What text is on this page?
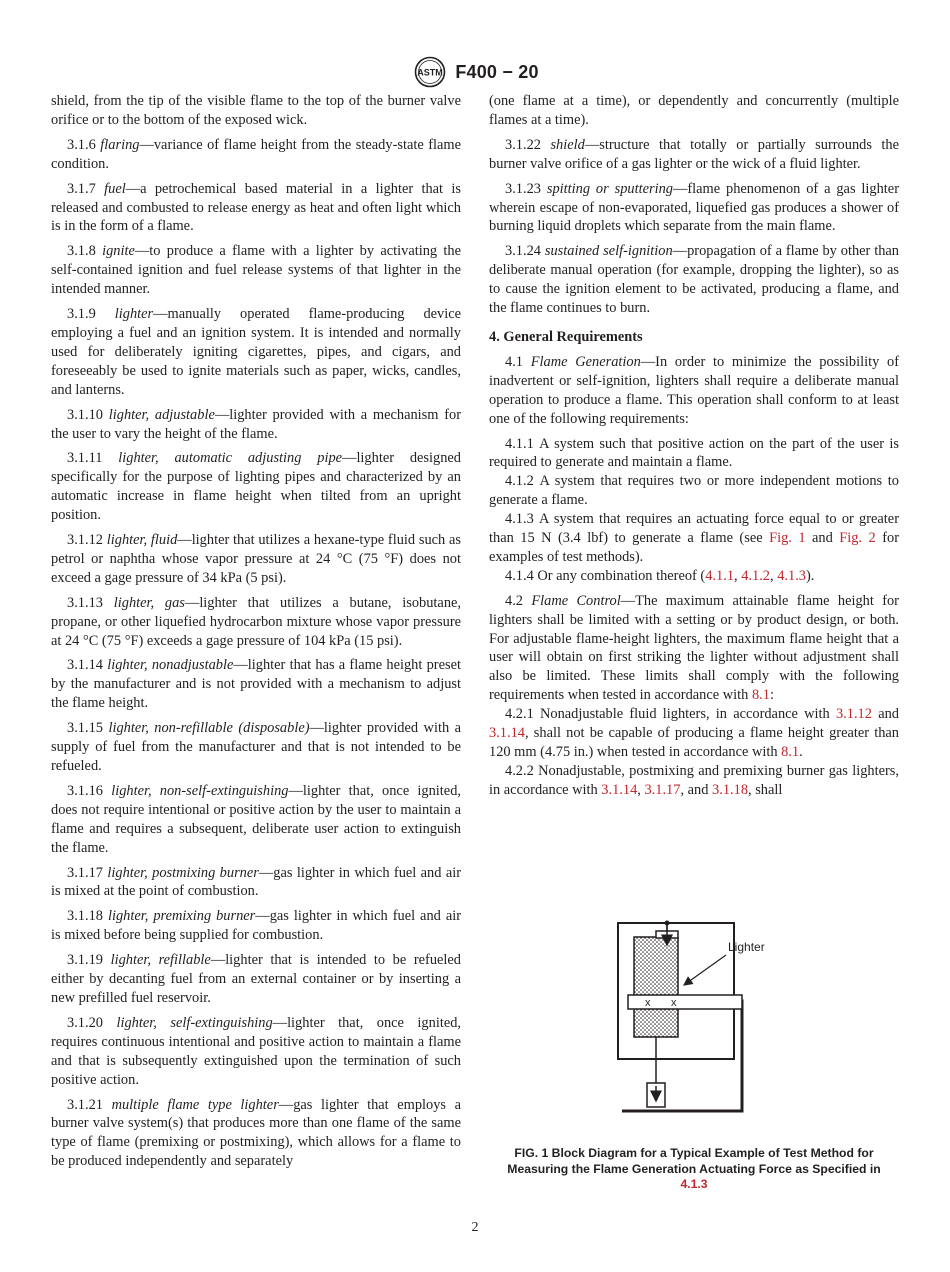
ASTM F400 − 20

shield, from the tip of the visible flame to the top of the burner valve orifice or to the bottom of the exposed wick.

3.1.6 flaring—variance of flame height from the steady-state flame condition.

3.1.7 fuel—a petrochemical based material in a lighter that is released and combusted to release energy as heat and often light which is in the form of a flame.

3.1.8 ignite—to produce a flame with a lighter by activating the self-contained ignition and fuel release systems of that lighter in the intended manner.

3.1.9 lighter—manually operated flame-producing device employing a fuel and an ignition system. It is intended and normally used for deliberately igniting cigarettes, pipes, and cigars, and foreseeably be used to ignite materials such as paper, wicks, candles, and lanterns.

3.1.10 lighter, adjustable—lighter provided with a mechanism for the user to vary the height of the flame.

3.1.11 lighter, automatic adjusting pipe—lighter designed specifically for the purpose of lighting pipes and characterized by an automatic increase in flame height when tilted from an upright position.

3.1.12 lighter, fluid—lighter that utilizes a hexane-type fluid such as petrol or naphtha whose vapor pressure at 24 °C (75 °F) does not exceed a gage pressure of 34 kPa (5 psi).

3.1.13 lighter, gas—lighter that utilizes a butane, isobutane, propane, or other liquefied hydrocarbon mixture whose vapor pressure at 24 °C (75 °F) exceeds a gage pressure of 104 kPa (15 psi).

3.1.14 lighter, nonadjustable—lighter that has a flame height preset by the manufacturer and is not provided with a mechanism to adjust the flame height.

3.1.15 lighter, non-refillable (disposable)—lighter provided with a supply of fuel from the manufacturer and that is not intended to be refueled.

3.1.16 lighter, non-self-extinguishing—lighter that, once ignited, does not require intentional or positive action by the user to maintain a flame and requires a subsequent, deliberate user action to extinguish the flame.

3.1.17 lighter, postmixing burner—gas lighter in which fuel and air is mixed at the point of combustion.

3.1.18 lighter, premixing burner—gas lighter in which fuel and air is mixed before being supplied for combustion.

3.1.19 lighter, refillable—lighter that is intended to be refueled either by decanting fuel from an external container or by inserting a new prefilled fuel reservoir.

3.1.20 lighter, self-extinguishing—lighter that, once ignited, requires continuous intentional and positive action to maintain a flame and that is subsequently extinguished upon the termination of such positive action.

3.1.21 multiple flame type lighter—gas lighter that employs a burner valve system(s) that produces more than one flame of the same type of flame (premixing or postmixing), which allows for a flame to be produced independently and separately

(one flame at a time), or dependently and concurrently (multiple flames at a time).

3.1.22 shield—structure that totally or partially surrounds the burner valve orifice of a gas lighter or the wick of a fluid lighter.

3.1.23 spitting or sputtering—flame phenomenon of a gas lighter wherein escape of non-evaporated, liquefied gas produces a shower of burning liquid droplets which separate from the main flame.

3.1.24 sustained self-ignition—propagation of a flame by other than deliberate manual operation (for example, dropping the lighter), so as to cause the ignition element to be activated, producing a flame, and the flame continues to burn.

4. General Requirements

4.1 Flame Generation—In order to minimize the possibility of inadvertent or self-ignition, lighters shall require a deliberate manual operation to produce a flame. This operation shall conform to at least one of the following requirements:

4.1.1 A system such that positive action on the part of the user is required to generate and maintain a flame.

4.1.2 A system that requires two or more independent motions to generate a flame.

4.1.3 A system that requires an actuating force equal to or greater than 15 N (3.4 lbf) to generate a flame (see Fig. 1 and Fig. 2 for examples of test methods).

4.1.4 Or any combination thereof (4.1.1, 4.1.2, 4.1.3).

4.2 Flame Control—The maximum attainable flame height for lighters shall be limited with a setting or by product design, or both. For adjustable flame-height lighters, the maximum flame height that a user will obtain on first striking the lighter without adjustment shall also be limited. These limits shall comply with the following requirements when tested in accordance with 8.1:

4.2.1 Nonadjustable fluid lighters, in accordance with 3.1.12 and 3.1.14, shall not be capable of producing a flame height greater than 120 mm (4.75 in.) when tested in accordance with 8.1.

4.2.2 Nonadjustable, postmixing and premixing burner gas lighters, in accordance with 3.1.14, 3.1.17, and 3.1.18, shall

x x
Lighter
FIG. 1 Block Diagram for a Typical Example of Test Method for Measuring the Flame Generation Actuating Force as Specified in
4.1.3
2
